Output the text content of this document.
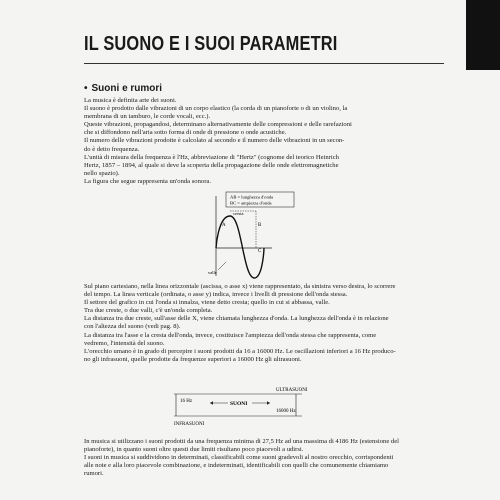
IL SUONO E I SUOI PARAMETRI
• Suoni e rumori
La musica è definita arte dei suoni.
Il suono è prodotto dalle vibrazioni di un corpo elastico (la corda di un pianoforte o di un violino, la
membrana di un tamburo, le corde vocali, ecc.).
Queste vibrazioni, propagandosi, determinano alternativamente delle compressioni e delle rarefazioni
che si diffondono nell'aria sotto forma di onde di pressione o onde acustiche.
Il numero delle vibrazioni prodotte è calcolato al secondo e il numero delle vibrazioni in un secon-
do è detto frequenza.
L'unità di misura della frequenza è l'Hz, abbreviazione di "Hertz" (cognome del teorico Heinrich
Hertz, 1857 – 1894, al quale si deve la scoperta della propagazione delle onde elettromagnetiche
nello spazio).
La figura che segue rappresenta un'onda sonora.
AB = lunghezza d'onda
BC = ampiezza d'onda
cresta
A	B
C
valle
Sul piano cartesiano, nella linea orizzontale (ascissa, o asse x) viene rappresentato, da sinistra verso destra, lo scorrere
del tempo. La linea verticale (ordinata, o asse y) indica, invece i livelli di pressione dell'onda stessa.
Il settore del grafico in cui l'onda si innalza, viene detto cresta; quello in cui si abbassa, valle.
Tra due creste, o due valli, c'è un'onda completa.
La distanza tra due creste, sull'asse delle X, viene chiamata lunghezza d'onda. La lunghezza dell'onda è in relazione
con l'altezza del suono (vedi pag. 8).
La distanza tra l'asse e la cresta dell'onda, invece, costituisce l'ampiezza dell'onda stessa che rappresenta, come
vedremo, l'intensità del suono.
L'orecchio umano è in grado di percepire i suoni prodotti da 16 a 16000 Hz. Le oscillazioni inferiori a 16 Hz produco-
no gli infrasuoni, quelle prodotte da frequenze superiori a 16000 Hz gli ultrasuoni.
ULTRASUONI
16 Hz
16000 Hz
SUONI
INFRASUONI
In musica si utilizzano i suoni prodotti da una frequenza minima di 27,5 Hz ad una massima di 4186 Hz (estensione del
pianoforte), in quanto suoni oltre questi due limiti risultano poco piacevoli a udirsi.
I suoni in musica si suddividono in determinati, classificabili come suoni gradevoli al nostro orecchio, corrispondenti
alle note e alla loro piacevole combinazione, e indeterminati, identificabili con quelli che comunemente chiamiamo
rumori.
